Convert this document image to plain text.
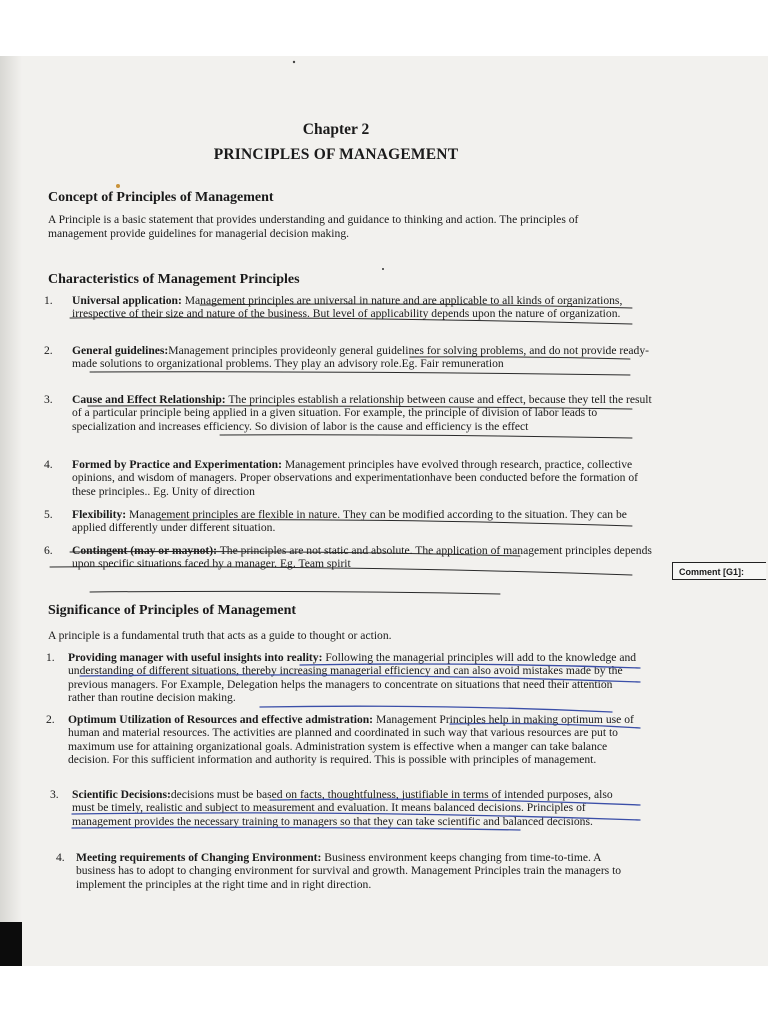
Chapter 2
PRINCIPLES OF MANAGEMENT
Concept of Principles of Management

A Principle is a basic statement that provides understanding and guidance to thinking and action. The principles of management provide guidelines for managerial decision making.

Characteristics of Management Principles
1. Universal application: Management principles are universal in nature and are applicable to all kinds of organizations, irrespective of their size and nature of the business. But level of applicability depends upon the nature of organization.
2. General guidelines:Management principles provideonly general guidelines for solving problems, and do not provide ready-made solutions to organizational problems. They play an advisory role.Eg. Fair remuneration
3. Cause and Effect Relationship: The principles establish a relationship between cause and effect, because they tell the result of a particular principle being applied in a given situation. For example, the principle of division of labor leads to specialization and increases efficiency. So division of labor is the cause and efficiency is the effect
4. Formed by Practice and Experimentation: Management principles have evolved through research, practice, collective opinions, and wisdom of managers. Proper observations and experimentationhave been conducted before the formation of these principles.. Eg. Unity of direction
5. Flexibility: Management principles are flexible in nature. They can be modified according to the situation. They can be applied differently under different situation.
6. Contingent (may or maynot): The principles are not static and absolute. The application of management principles depends upon specific situations faced by a manager. Eg. Team spirit
Comment [G1]:
Significance of Principles of Management

A principle is a fundamental truth that acts as a guide to thought or action.

1. Providing manager with useful insights into reality: Following the managerial principles will add to the knowledge and understanding of different situations, thereby increasing managerial efficiency and can also avoid mistakes made by the previous managers. For Example, Delegation helps the managers to concentrate on situations that need their attention rather than routine decision making.
2. Optimum Utilization of Resources and effective admistration: Management Principles help in making optimum use of human and material resources. The activities are planned and coordinated in such way that various resources are put to maximum use for attaining organizational goals. Administration system is effective when a manger can take balance decision. For this sufficient information and authority is required. This is possible with principles of management.
3. Scientific Decisions:decisions must be based on facts, thoughtfulness, justifiable in terms of intended purposes, also must be timely, realistic and subject to measurement and evaluation. It means balanced decisions. Principles of management provides the necessary training to managers so that they can take scientific and balanced decisions.
4. Meeting requirements of Changing Environment: Business environment keeps changing from time-to-time. A business has to adopt to changing environment for survival and growth. Management Principles train the managers to implement the principles at the right time and in right direction.
